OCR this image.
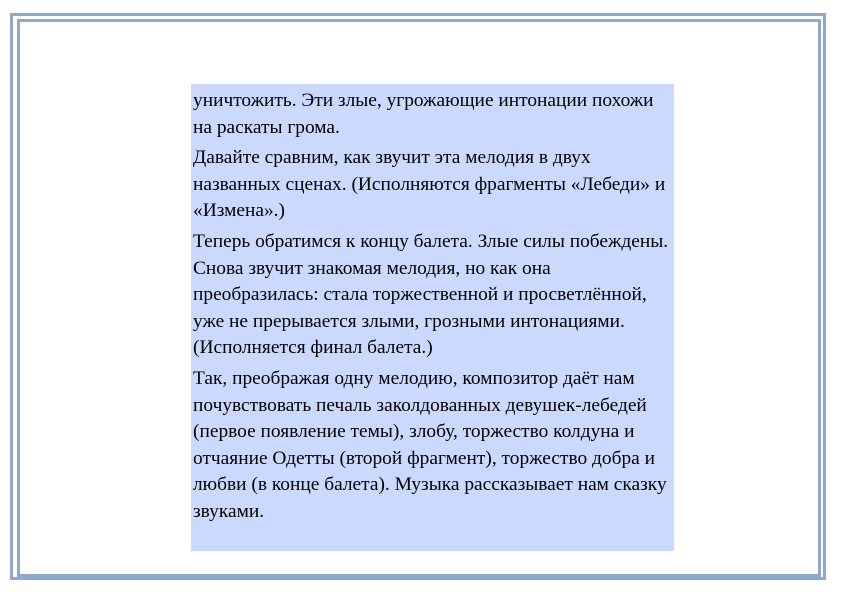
уничтожить. Эти злые, угрожающие интонации похожи на раскаты грома.

Давайте сравним, как звучит эта мелодия в двух названных сценах. (Исполняются фрагменты «Лебеди» и «Измена».)

Теперь обратимся к концу балета. Злые силы побеждены. Снова звучит знакомая мелодия, но как она преобразилась: стала торжественной и просветлённой, уже не прерывается злыми, грозными интонациями. (Исполняется финал балета.)

Так, преображая одну мелодию, композитор даёт нам почувствовать печаль заколдованных девушек-лебедей (первое появление темы), злобу, торжество колдуна и отчаяние Одетты (второй фрагмент), торжество добра и любви (в конце балета). Музыка рассказывает нам сказку звуками.
